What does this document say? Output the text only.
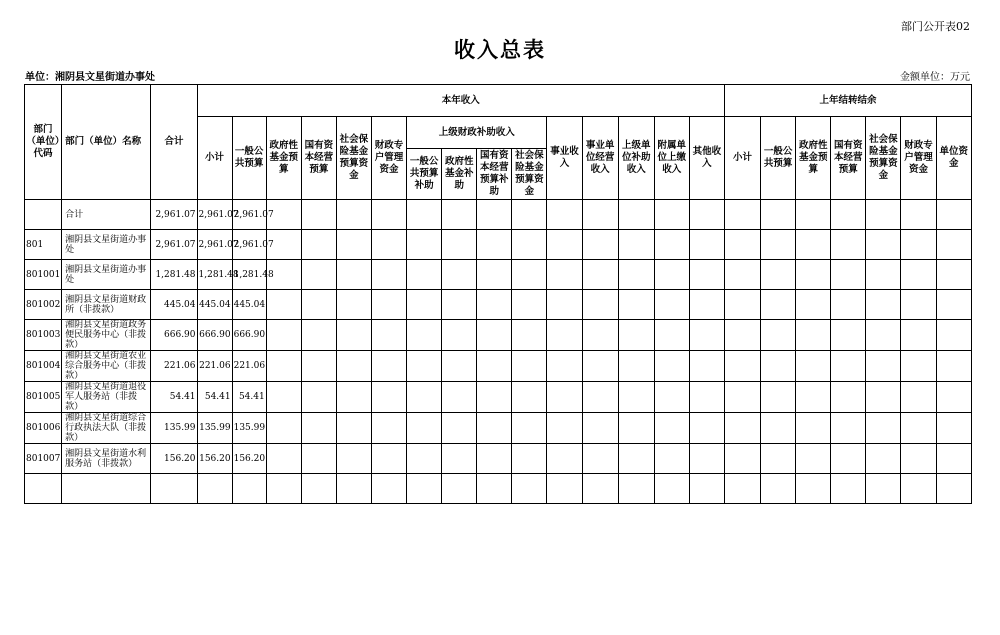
部门公开表02
收入总表
单位：湘阴县文星街道办事处	金额单位：万元
部门（单位）代码	部门（单位）名称	合计	本年收入															上年结转结余						
			小计	一般公共预算	政府性基金预算	国有资本经营预算	社会保险基金预算资金	财政专户管理资金	上级财政补助收入				事业收入	事业单位经营收入	上级单位补助收入	附属单位上缴收入	其他收入	小计	一般公共预算	政府性基金预算	国有资本经营预算	社会保险基金预算资金	财政专户管理资金	单位资金
									一般公共预算补助	政府性基金补助	国有资本经营预算补助	社会保险基金预算资金												
	合计	2,961.07	2,961.07	2,961.07																				
801	湘阴县文星街道办事处	2,961.07	2,961.07	2,961.07																				
801001	湘阴县文星街道办事处	1,281.48	1,281.48	1,281.48																				
801002	湘阴县文星街道财政所（非拨款）	445.04	445.04	445.04																				
801003	湘阴县文星街道政务便民服务中心（非拨款）	666.90	666.90	666.90																				
801004	湘阴县文星街道农业综合服务中心（非拨款）	221.06	221.06	221.06																				
801005	湘阴县文星街道退役军人服务站（非拨款）	54.41	54.41	54.41																				
801006	湘阴县文星街道综合行政执法大队（非拨款）	135.99	135.99	135.99																				
801007	湘阴县文星街道水利服务站（非拨款）	156.20	156.20	156.20																				
